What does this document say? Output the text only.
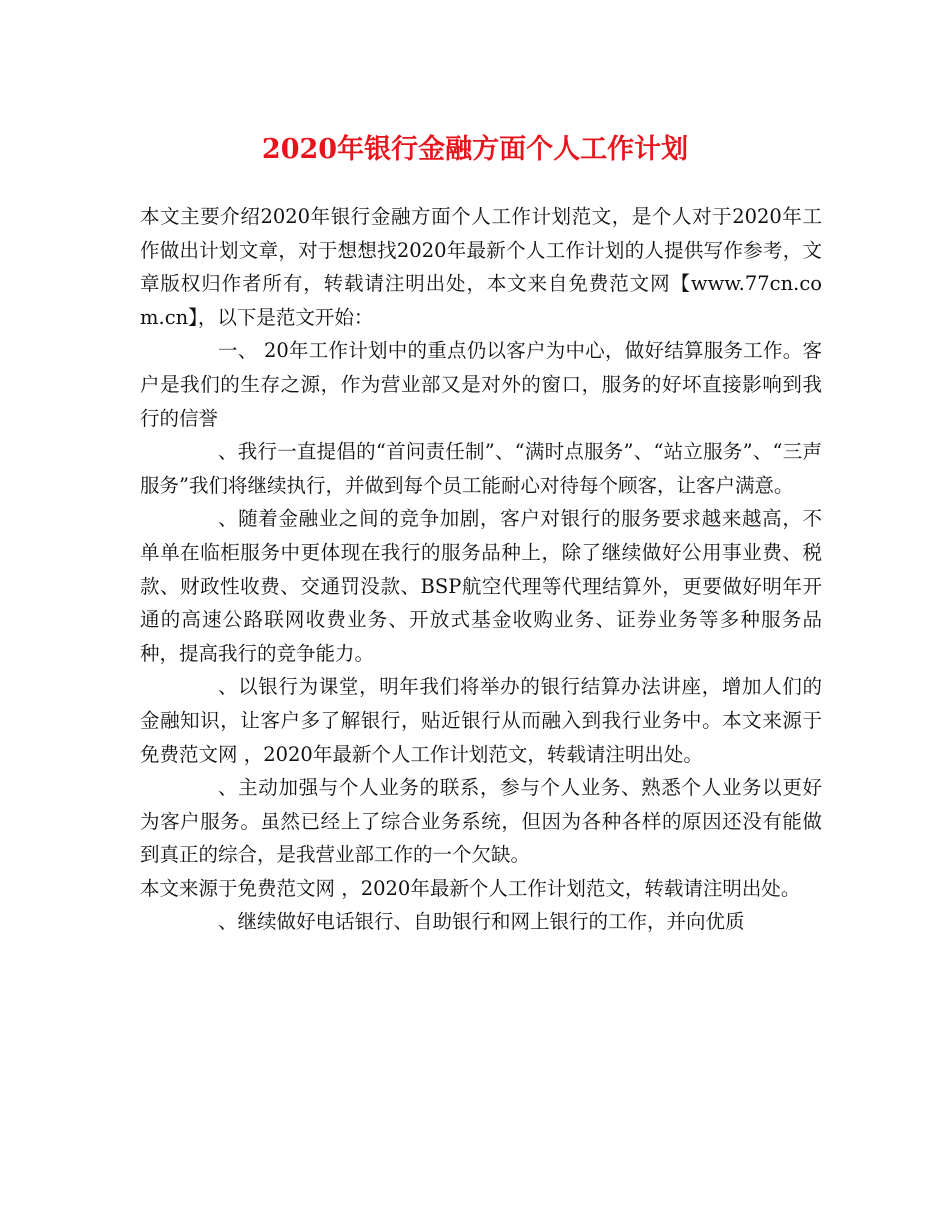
2020年银行金融方面个人工作计划

本文主要介绍2020年银行金融方面个人工作计划范文，是个人对于2020年工作做出计划文章，对于想想找2020年最新个人工作计划的人提供写作参考，文章版权归作者所有，转载请注明出处，本文来自免费范文网【www.77cn.com.cn】，以下是范文开始：

一、 20年工作计划中的重点仍以客户为中心，做好结算服务工作。客户是我们的生存之源，作为营业部又是对外的窗口，服务的好坏直接影响到我行的信誉

、我行一直提倡的“首问责任制”、“满时点服务”、“站立服务”、“三声服务”我们将继续执行，并做到每个员工能耐心对待每个顾客，让客户满意。

、随着金融业之间的竞争加剧，客户对银行的服务要求越来越高，不单单在临柜服务中更体现在我行的服务品种上，除了继续做好公用事业费、税款、财政性收费、交通罚没款、BSP航空代理等代理结算外，更要做好明年开通的高速公路联网收费业务、开放式基金收购业务、证券业务等多种服务品种，提高我行的竞争能力。

、以银行为课堂，明年我们将举办的银行结算办法讲座，增加人们的金融知识，让客户多了解银行，贴近银行从而融入到我行业务中。本文来源于免费范文网 ，2020年最新个人工作计划范文，转载请注明出处。

、主动加强与个人业务的联系，参与个人业务、熟悉个人业务以更好为客户服务。虽然已经上了综合业务系统，但因为各种各样的原因还没有能做到真正的综合，是我营业部工作的一个欠缺。

本文来源于免费范文网 ，2020年最新个人工作计划范文，转载请注明出处。

、继续做好电话银行、自助银行和网上银行的工作，并向优质
